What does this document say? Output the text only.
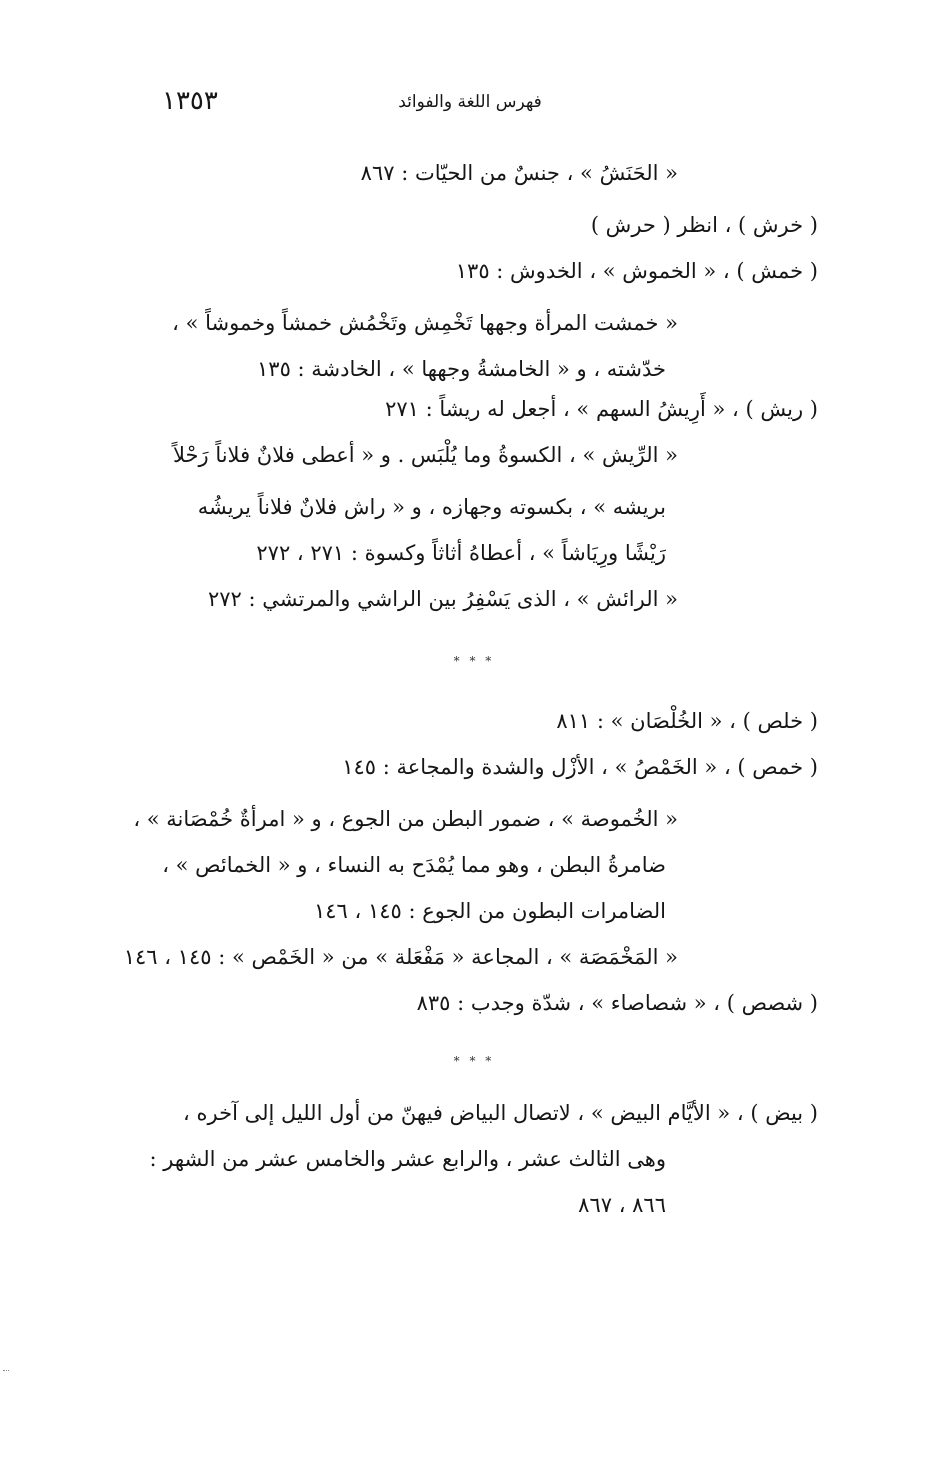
١٣٥٣	فهرس اللغة والفوائد
« الحَنَشُ » ، جنسٌ من الحيّات : ٨٦٧
( خرش ) ، انظر ( حرش )
( خمش ) ، « الخموش » ، الخدوش : ١٣٥
« خمشت المرأة وجهها تَخْمِش وتَخْمُش خمشاً وخموشاً » ،
خدّشته ، و « الخامشةُ وجهها » ، الخادشة : ١٣٥
( ريش ) ، « أَرِيشُ السهم » ، أجعل له ريشاً : ٢٧١
« الرِّيش » ، الكسوةُ وما يُلْبَس . و « أعطى فلانٌ فلاناً رَحْلاً
بريشه » ، بكسوته وجهازه ، و « راش فلانٌ فلاناً يريشُه
رَيْشًا ورِيَاشاً » ، أعطاهُ أثاثاً وكسوة : ٢٧١ ، ٢٧٢
« الرائش » ، الذى يَسْفِرُ بين الراشي والمرتشي : ٢٧٢
* * *
( خلص ) ، « الخُلْصَان » : ٨١١
( خمص ) ، « الخَمْصُ » ، الأزْل والشدة والمجاعة : ١٤٥
« الخُموصة » ، ضمور البطن من الجوع ، و « امرأةٌ خُمْصَانة » ،
ضامرةُ البطن ، وهو مما يُمْدَح به النساء ، و « الخمائص » ،
الضامرات البطون من الجوع : ١٤٥ ، ١٤٦
« المَخْمَصَة » ، المجاعة « مَفْعَلة » من « الخَمْص » : ١٤٥ ، ١٤٦
( شصص ) ، « شصاصاء » ، شدّة وجدب : ٨٣٥
* * *
( بيض ) ، « الأيَّام البيض » ، لاتصال البياض فيهنّ من أول الليل إلى آخره ،
وهى الثالث عشر ، والرابع عشر والخامس عشر من الشهر :
٨٦٦ ، ٨٦٧
